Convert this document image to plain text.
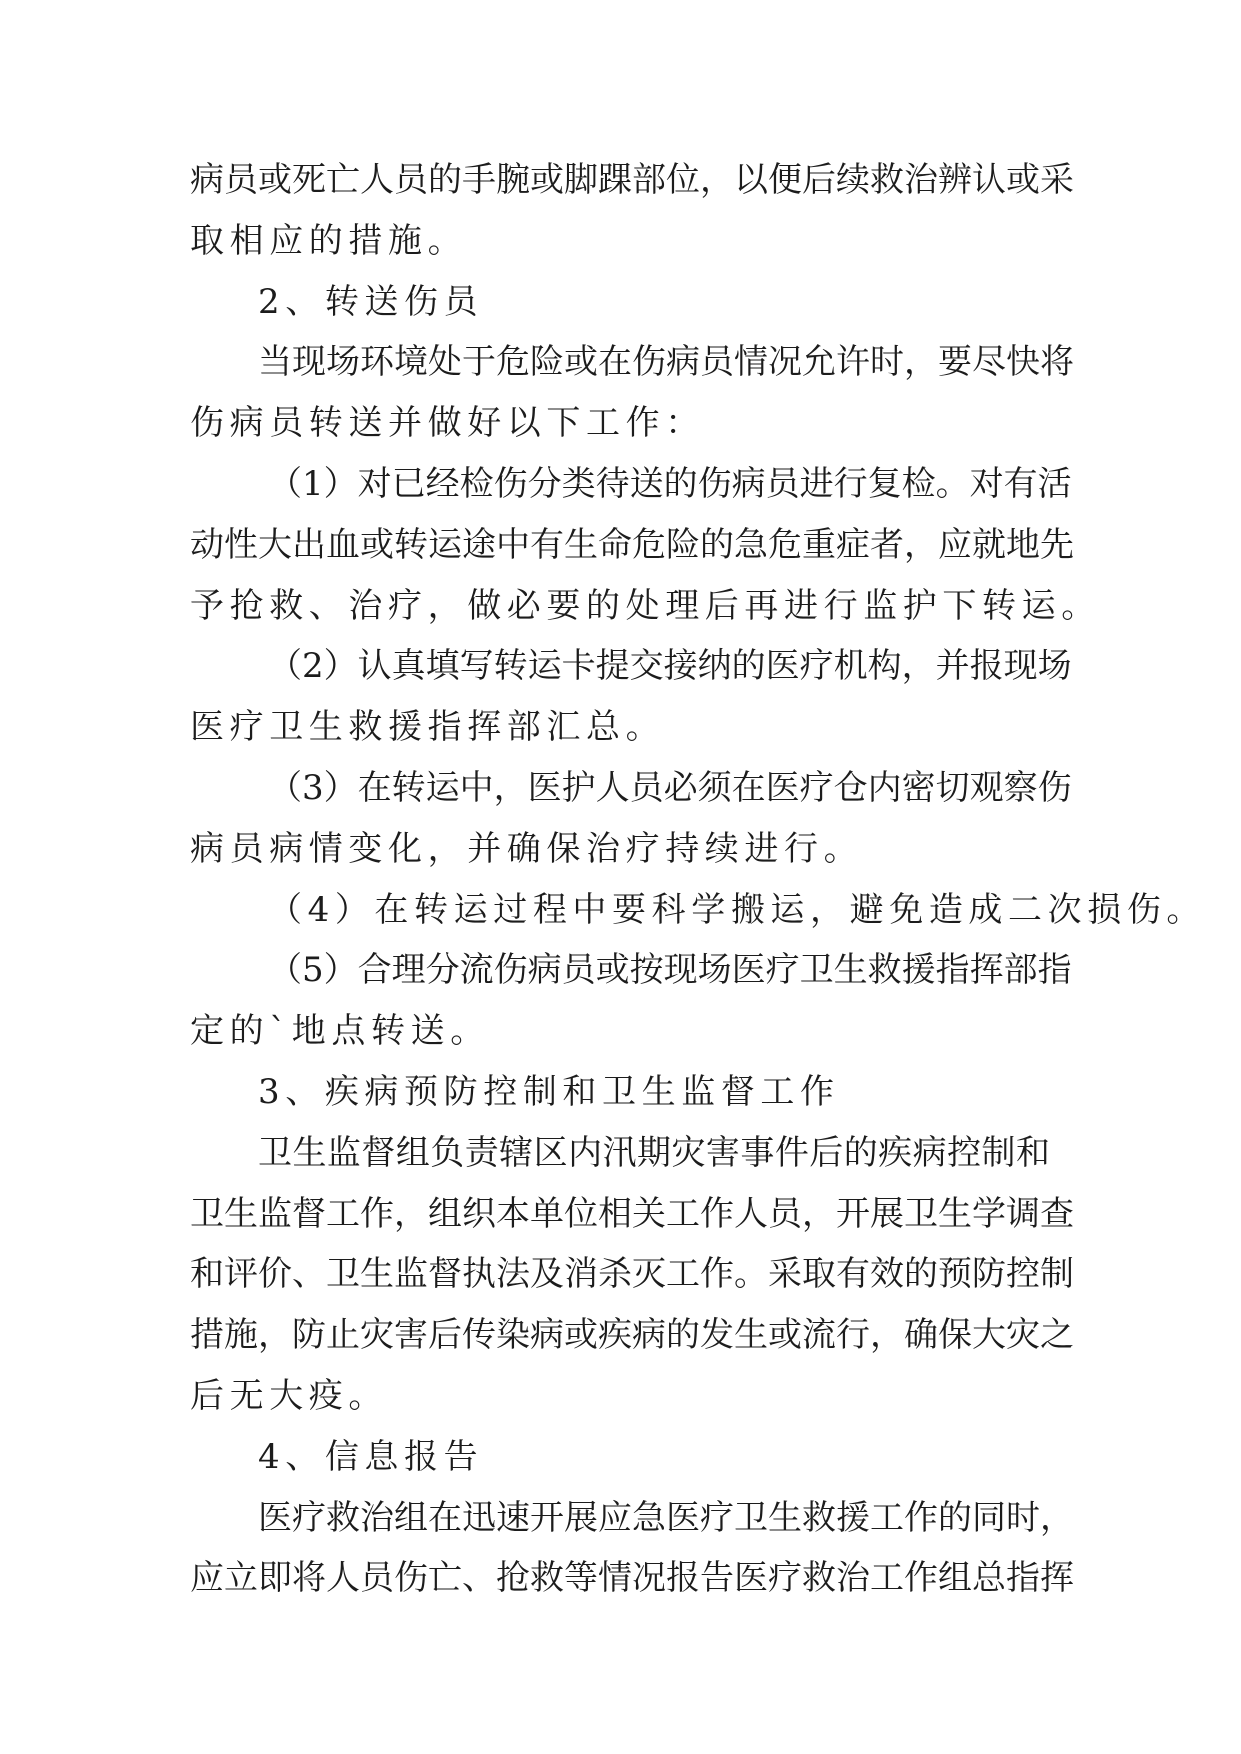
病员或死亡人员的手腕或脚踝部位，以便后续救治辨认或采
取相应的措施。
2、转送伤员
当现场环境处于危险或在伤病员情况允许时，要尽快将
伤病员转送并做好以下工作：
（1）对已经检伤分类待送的伤病员进行复检。对有活
动性大出血或转运途中有生命危险的急危重症者，应就地先
予抢救、治疗，做必要的处理后再进行监护下转运。
（2）认真填写转运卡提交接纳的医疗机构，并报现场
医疗卫生救援指挥部汇总。
（3）在转运中，医护人员必须在医疗仓内密切观察伤
病员病情变化，并确保治疗持续进行。
（4）在转运过程中要科学搬运，避免造成二次损伤。
（5）合理分流伤病员或按现场医疗卫生救援指挥部指
定的`地点转送。
3、疾病预防控制和卫生监督工作
卫生监督组负责辖区内汛期灾害事件后的疾病控制和
卫生监督工作，组织本单位相关工作人员，开展卫生学调查
和评价、卫生监督执法及消杀灭工作。采取有效的预防控制
措施，防止灾害后传染病或疾病的发生或流行，确保大灾之
后无大疫。
4、信息报告
医疗救治组在迅速开展应急医疗卫生救援工作的同时，
应立即将人员伤亡、抢救等情况报告医疗救治工作组总指挥
